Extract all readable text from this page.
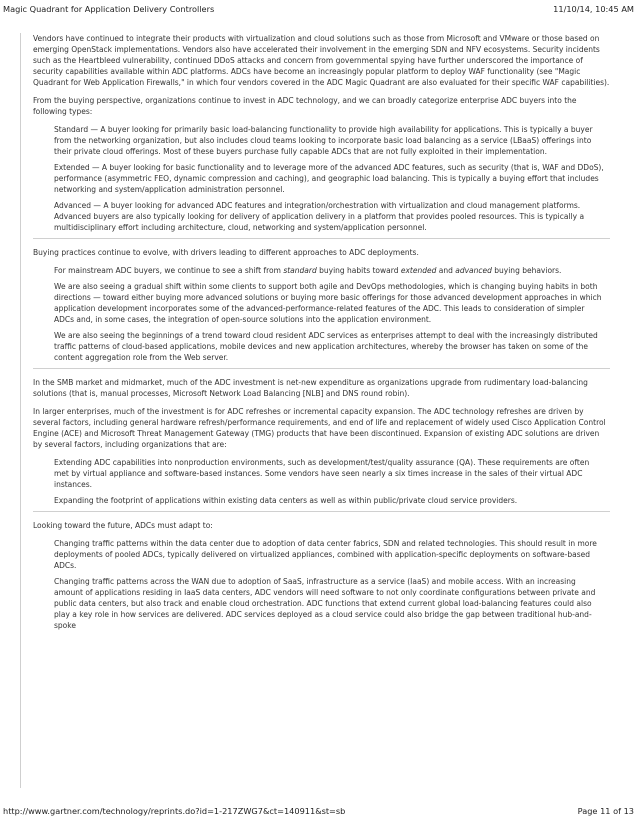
Magic Quadrant for Application Delivery Controllers	11/10/14, 10:45 AM

Vendors have continued to integrate their products with virtualization and cloud solutions such as those from Microsoft and VMware or those based on emerging OpenStack implementations. Vendors also have accelerated their involvement in the emerging SDN and NFV ecosystems. Security incidents such as the Heartbleed vulnerability, continued DDoS attacks and concern from governmental spying have further underscored the importance of security capabilities available within ADC platforms. ADCs have become an increasingly popular platform to deploy WAF functionality (see "Magic Quadrant for Web Application Firewalls," in which four vendors covered in the ADC Magic Quadrant are also evaluated for their specific WAF capabilities).

From the buying perspective, organizations continue to invest in ADC technology, and we can broadly categorize enterprise ADC buyers into the following types:

Standard — A buyer looking for primarily basic load-balancing functionality to provide high availability for applications. This is typically a buyer from the networking organization, but also includes cloud teams looking to incorporate basic load balancing as a service (LBaaS) offerings into their private cloud offerings. Most of these buyers purchase fully capable ADCs that are not fully exploited in their implementation.

Extended — A buyer looking for basic functionality and to leverage more of the advanced ADC features, such as security (that is, WAF and DDoS), performance (asymmetric FEO, dynamic compression and caching), and geographic load balancing. This is typically a buying effort that includes networking and system/application administration personnel.

Advanced — A buyer looking for advanced ADC features and integration/orchestration with virtualization and cloud management platforms. Advanced buyers are also typically looking for delivery of application delivery in a platform that provides pooled resources. This is typically a multidisciplinary effort including architecture, cloud, networking and system/application personnel.

Buying practices continue to evolve, with drivers leading to different approaches to ADC deployments.

For mainstream ADC buyers, we continue to see a shift from standard buying habits toward extended and advanced buying behaviors.

We are also seeing a gradual shift within some clients to support both agile and DevOps methodologies, which is changing buying habits in both directions — toward either buying more advanced solutions or buying more basic offerings for those advanced development approaches in which application development incorporates some of the advanced-performance-related features of the ADC. This leads to consideration of simpler ADCs and, in some cases, the integration of open-source solutions into the application environment.

We are also seeing the beginnings of a trend toward cloud resident ADC services as enterprises attempt to deal with the increasingly distributed traffic patterns of cloud-based applications, mobile devices and new application architectures, whereby the browser has taken on some of the content aggregation role from the Web server.

In the SMB market and midmarket, much of the ADC investment is net-new expenditure as organizations upgrade from rudimentary load-balancing solutions (that is, manual processes, Microsoft Network Load Balancing [NLB] and DNS round robin).

In larger enterprises, much of the investment is for ADC refreshes or incremental capacity expansion. The ADC technology refreshes are driven by several factors, including general hardware refresh/performance requirements, and end of life and replacement of widely used Cisco Application Control Engine (ACE) and Microsoft Threat Management Gateway (TMG) products that have been discontinued. Expansion of existing ADC solutions are driven by several factors, including organizations that are:

Extending ADC capabilities into nonproduction environments, such as development/test/quality assurance (QA). These requirements are often met by virtual appliance and software-based instances. Some vendors have seen nearly a six times increase in the sales of their virtual ADC instances.

Expanding the footprint of applications within existing data centers as well as within public/private cloud service providers.

Looking toward the future, ADCs must adapt to:

Changing traffic patterns within the data center due to adoption of data center fabrics, SDN and related technologies. This should result in more deployments of pooled ADCs, typically delivered on virtualized appliances, combined with application-specific deployments on software-based ADCs.

Changing traffic patterns across the WAN due to adoption of SaaS, infrastructure as a service (IaaS) and mobile access. With an increasing amount of applications residing in IaaS data centers, ADC vendors will need software to not only coordinate configurations between private and public data centers, but also track and enable cloud orchestration. ADC functions that extend current global load-balancing features could also play a key role in how services are delivered. ADC services deployed as a cloud service could also bridge the gap between traditional hub-and-spoke

http://www.gartner.com/technology/reprints.do?id=1-217ZWG7&ct=140911&st=sb	Page 11 of 13
